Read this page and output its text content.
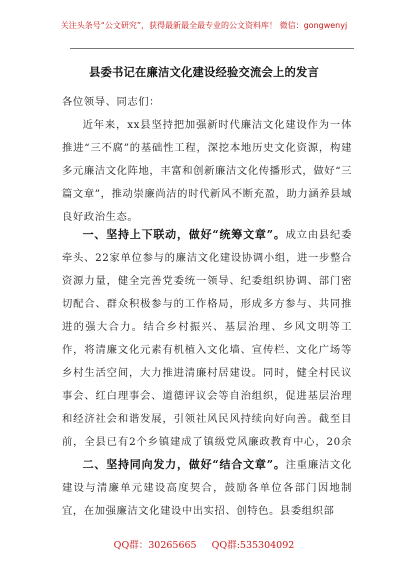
关注头条号“公文研究”，获得最新最全最专业的公文资料库！ 微信：gongwenyj
县委书记在廉洁文化建设经验交流会上的发言

各位领导、同志们：

近年来，xx县坚持把加强新时代廉洁文化建设作为一体推进“三不腐”的基础性工程，深挖本地历史文化资源，构建多元廉洁文化阵地，丰富和创新廉洁文化传播形式，做好“三篇文章”，推动崇廉尚洁的时代新风不断充盈，助力涵养县域良好政治生态。

一、坚持上下联动，做好“统筹文章”。成立由县纪委牵头、22家单位参与的廉洁文化建设协调小组，进一步整合资源力量，健全完善党委统一领导、纪委组织协调、部门密切配合、群众积极参与的工作格局，形成多方参与、共同推进的强大合力。结合乡村振兴、基层治理、乡风文明等工作，将清廉文化元素有机植入文化墙、宣传栏、文化广场等乡村生活空间，大力推进清廉村居建设。同时，健全村民议事会、红白理事会、道德评议会等自治组织，促进基层治理和经济社会和谐发展，引领社风民风持续向好向善。截至目前，全县已有2个乡镇建成了镇级党风廉政教育中心，20余

二、坚持同向发力，做好“结合文章”。注重廉洁文化建设与清廉单元建设高度契合，鼓励各单位各部门因地制宜，在加强廉洁文化建设中出实招、创特色。县委组织部

QQ群：30265665 QQ群:535304092
